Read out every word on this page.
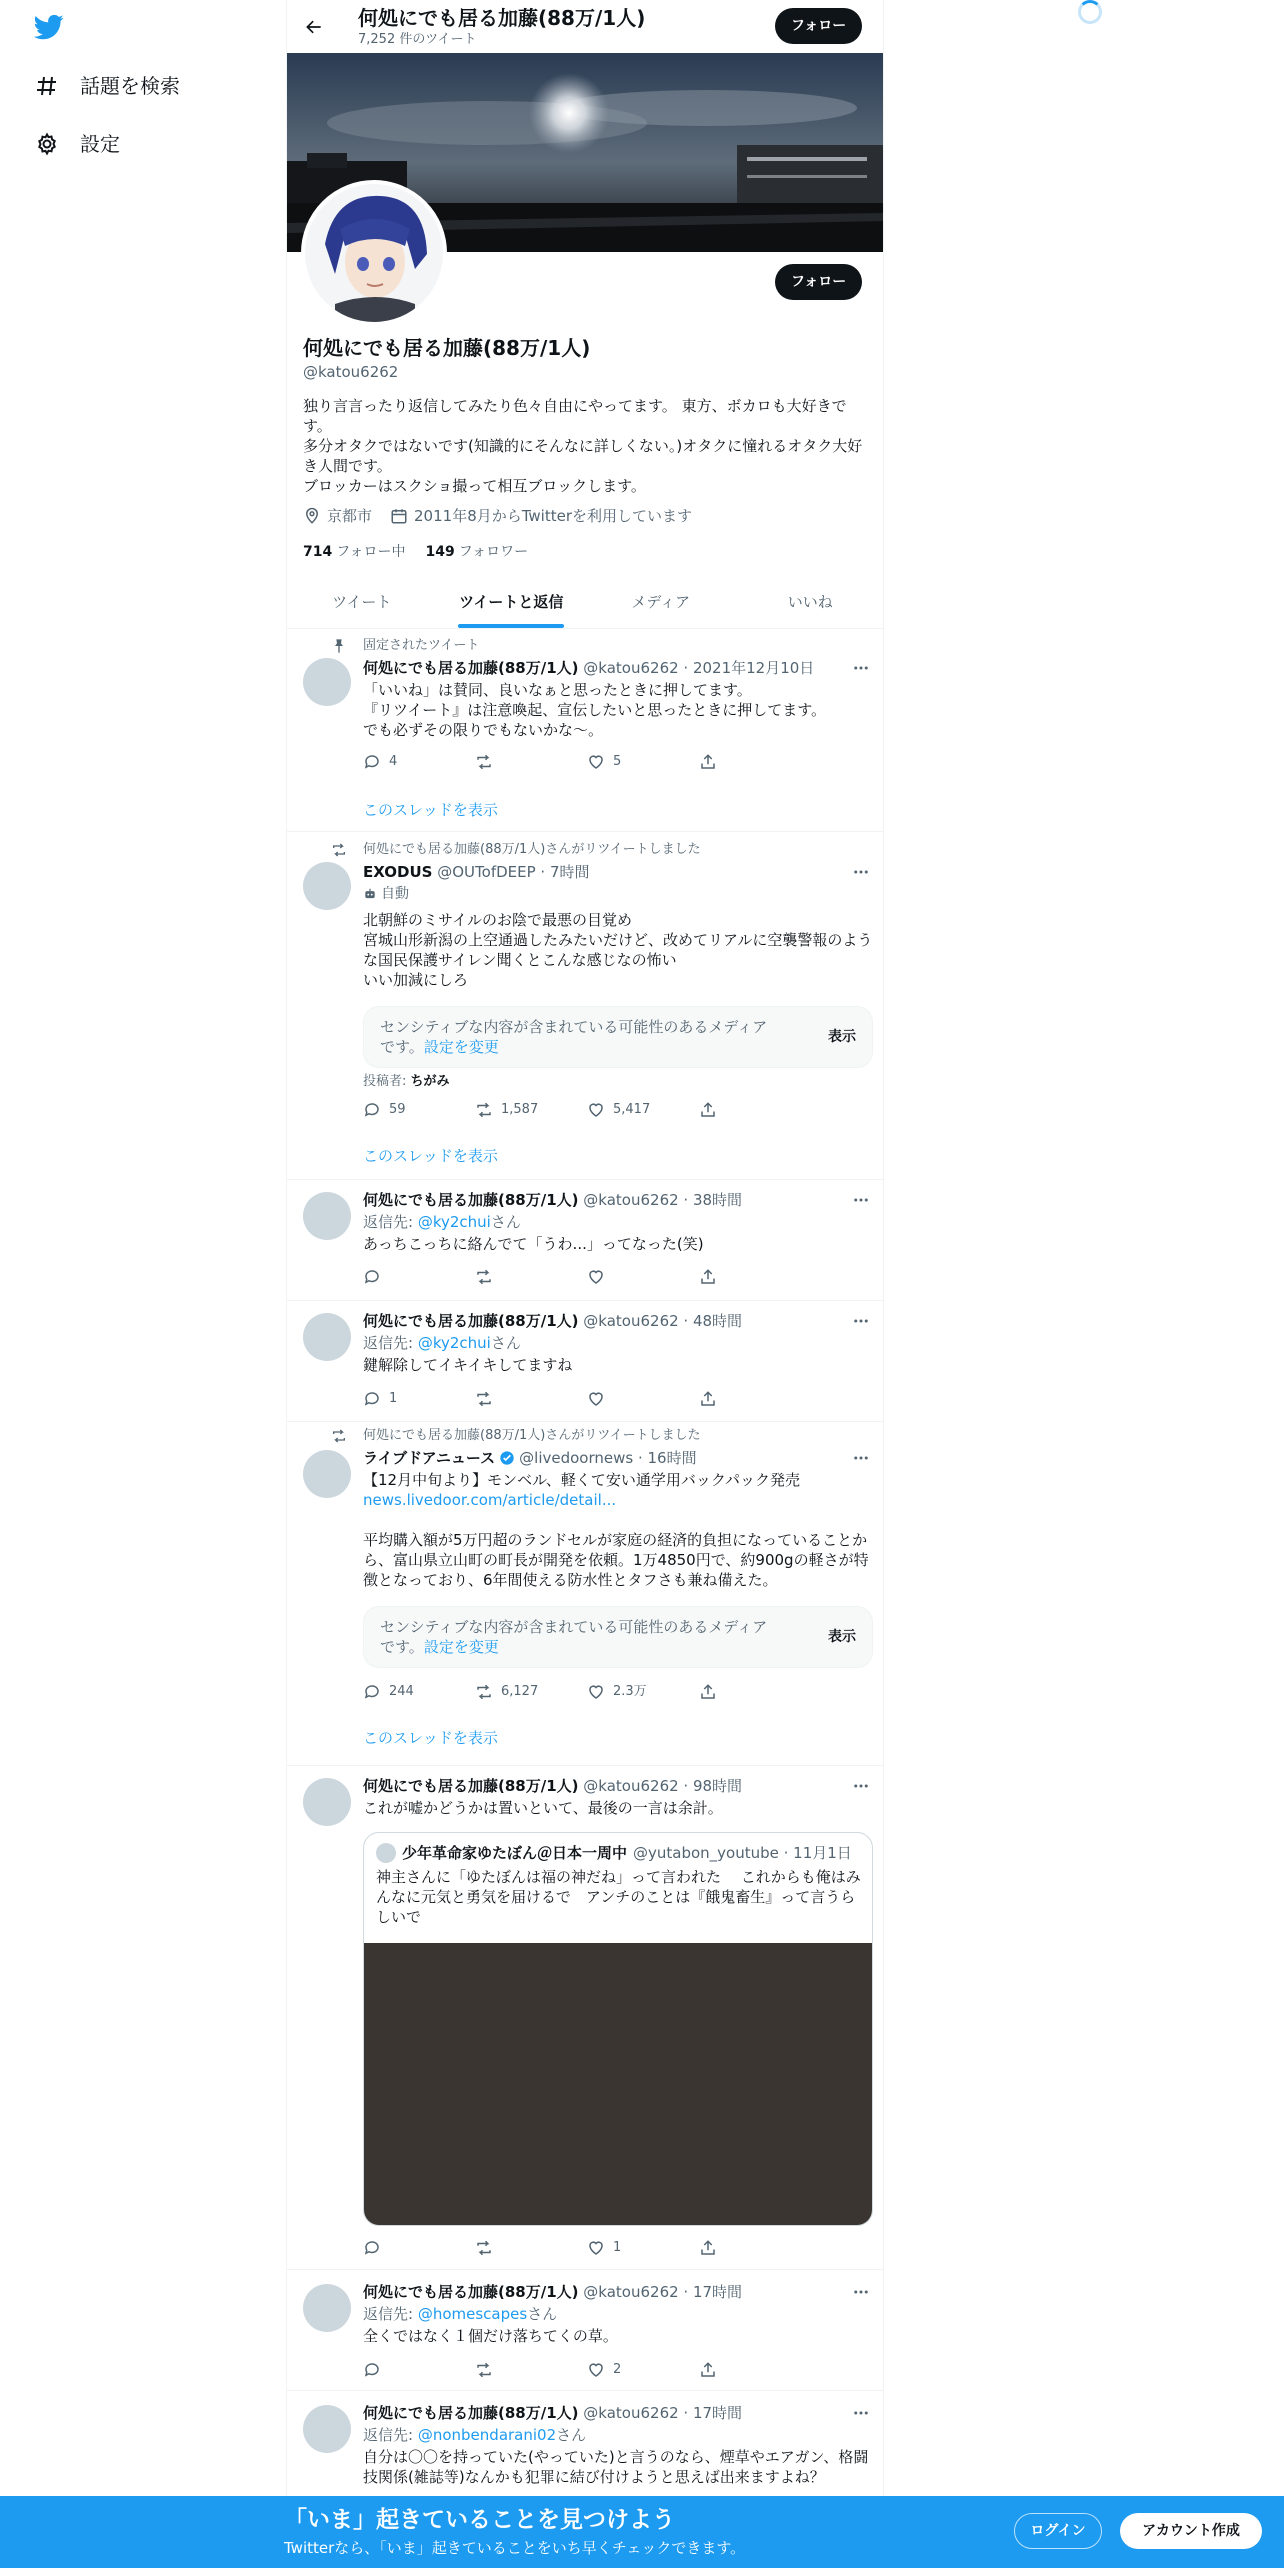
話題を検索
設定
何処にでも居る加藤(88万/1人)
7,252 件のツイート
フォロー
フォロー
何処にでも居る加藤(88万/1人)
@katou6262
独り言言ったり返信してみたり色々自由にやってます。 東方、ボカロも大好きです。
多分オタクではないです(知識的にそんなに詳しくない。)オタクに憧れるオタク大好き人間です。
ブロッカーはスクショ撮って相互ブロックします。
京都市	2011年8月からTwitterを利用しています
714 フォロー中 149 フォロワー
ツイート	ツイートと返信	メディア	いいね
固定されたツイート
何処にでも居る加藤(88万/1人) @katou6262 · 2021年12月10日
「いいね」は賛同、良いなぁと思ったときに押してます。
『リツイート』は注意喚起、宣伝したいと思ったときに押してます。
でも必ずその限りでもないかな～。
4	5
このスレッドを表示
何処にでも居る加藤(88万/1人)さんがリツイートしました
EXODUS @OUTofDEEP · 7時間
自動
北朝鮮のミサイルのお陰で最悪の目覚め
宮城山形新潟の上空通過したみたいだけど、改めてリアルに空襲警報のような国民保護サイレン聞くとこんな感じなの怖い
いい加減にしろ
センシティブな内容が含まれている可能性のあるメディアです。設定を変更
表示
投稿者: ちがみ
59	1,587	5,417
このスレッドを表示
何処にでも居る加藤(88万/1人) @katou6262 · 38時間
返信先: @ky2chuiさん
あっちこっちに絡んでて「うわ...」ってなった(笑)
何処にでも居る加藤(88万/1人) @katou6262 · 48時間
返信先: @ky2chuiさん
鍵解除してイキイキしてますね
1
何処にでも居る加藤(88万/1人)さんがリツイートしました
ライブドアニュース @livedoornews · 16時間
【12月中旬より】モンベル、軽くて安い通学用バックパック発売
news.livedoor.com/article/detail...
平均購入額が5万円超のランドセルが家庭の経済的負担になっていることから、富山県立山町の町長が開発を依頼。1万4850円で、約900gの軽さが特徴となっており、6年間使える防水性とタフさも兼ね備えた。
センシティブな内容が含まれている可能性のあるメディアです。設定を変更
表示
244	6,127	2.3万
このスレッドを表示
何処にでも居る加藤(88万/1人) @katou6262 · 98時間
これが嘘かどうかは置いといて、最後の一言は余計。
少年革命家ゆたぼん＠日本一周中 @yutabon_youtube · 11月1日
神主さんに「ゆたぼんは福の神だね」って言われた　 これからも俺はみんなに元気と勇気を届けるで　アンチのことは『餓鬼畜生』って言うらしいで
1
何処にでも居る加藤(88万/1人) @katou6262 · 17時間
返信先: @homescapesさん
全くではなく１個だけ落ちてくの草。
2
何処にでも居る加藤(88万/1人) @katou6262 · 17時間
返信先: @nonbendarani02さん
自分は〇〇を持っていた(やっていた)と言うのなら、煙草やエアガン、格闘技関係(雑誌等)なんかも犯罪に結び付けようと思えば出来ますよね？
「いま」起きていることを見つけよう
Twitterなら、「いま」起きていることをいち早くチェックできます。
ログイン	アカウント作成
